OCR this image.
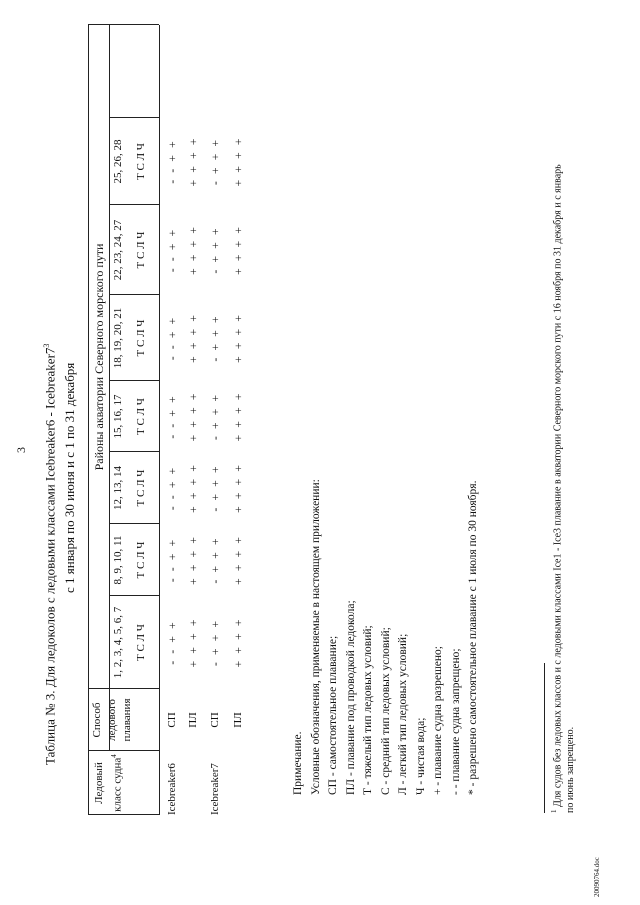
3 Таблица № 3. Для ледоколов с ледовыми классами Icebreaker6 - $Icebreaker7^3$
с 1 января по 30 июня и с 1 по 31 декабря
Ледовый класс судна$^4$
Способ ледового плавания
Районы акватории Северного морского пути
1, 2, 3, 4, 5, 6, 7
8, 9, 10, 11
12, 13, 14
15, 16, 17
18, 19, 20, 21
22, 23, 24, 27
25, 26, 28
Т С Л Ч
Т С Л Ч
Т С Л Ч
Т С Л Ч
Т С Л Ч
Т С Л Ч
Т С Л Ч
Icebreaker6
СП
- - + +
- - + +
- - + +
- - + +
- - + +
- - + +
- - + +
ПЛ
+ + + +
+ + + +
+ + + +
+ + + +
+ + + +
+ + + +
+ + + +
Icebreaker7
СП
- + + +
- + + +
- + + +
- + + +
- + + +
- + + +
- + + +
ПЛ
+ + + +
+ + + +
+ + + +
+ + + +
+ + + +
+ + + +
+ + + +
Примечание. Условные обозначения, применяемые в настоящем приложении: СП - самостоятельное плавание; ПЛ - плавание под проводкой ледокола; Т - тяжелый тип ледовых условий; С - средний тип ледовых условий; Л - легкий тип ледовых условий; Ч - чистая вода; + - плавание судна разрешено; - - плавание судна запрещено; * - разрешено самостоятельное плавание с 1 июля по 30 ноября.
$^1$ Для судов без ледовых классов и с ледовыми классами Ice1 - Ice3 плавание в акватории Северного морского пути с 16 ноября по 31 декабря и с январь по июнь запрещено.
20090764.doc
